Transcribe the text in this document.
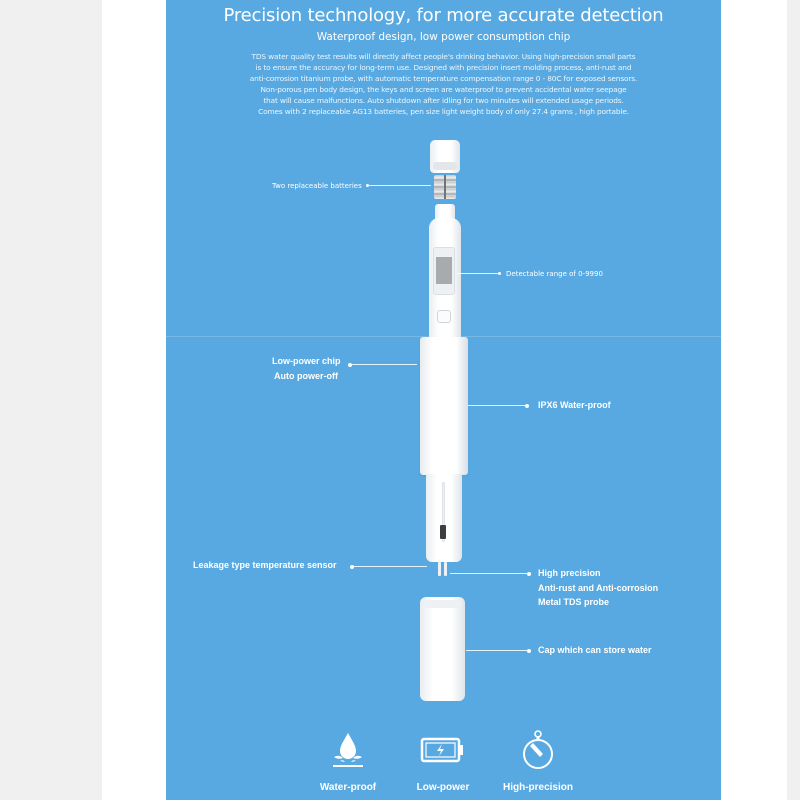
Precision technology, for more accurate detection
Waterproof design, low power consumption chip
TDS water quality test results will directly affect people's drinking behavior. Using high-precision small parts
is to ensure the accuracy for long-term use. Designed with precision insert molding process, anti-rust and
anti-corrosion titanium probe, with automatic temperature compensation range 0 - 80C for exposed sensors.
Non-porous pen body design, the keys and screen are waterproof to prevent accidental water seepage
that will cause malfunctions. Auto shutdown after idling for two minutes will extended usage periods.
Comes with 2 replaceable AG13 batteries, pen size light weight body of only 27.4 grams , high portable.
Two replaceable batteries
Detectable range of 0-9990
Low-power chip
Auto power-off
IPX6 Water-proof
Leakage type temperature sensor
High precision
Anti-rust and Anti-corrosion
Metal TDS probe
Cap which can store water
Water-proof	Low-power	High-precision
